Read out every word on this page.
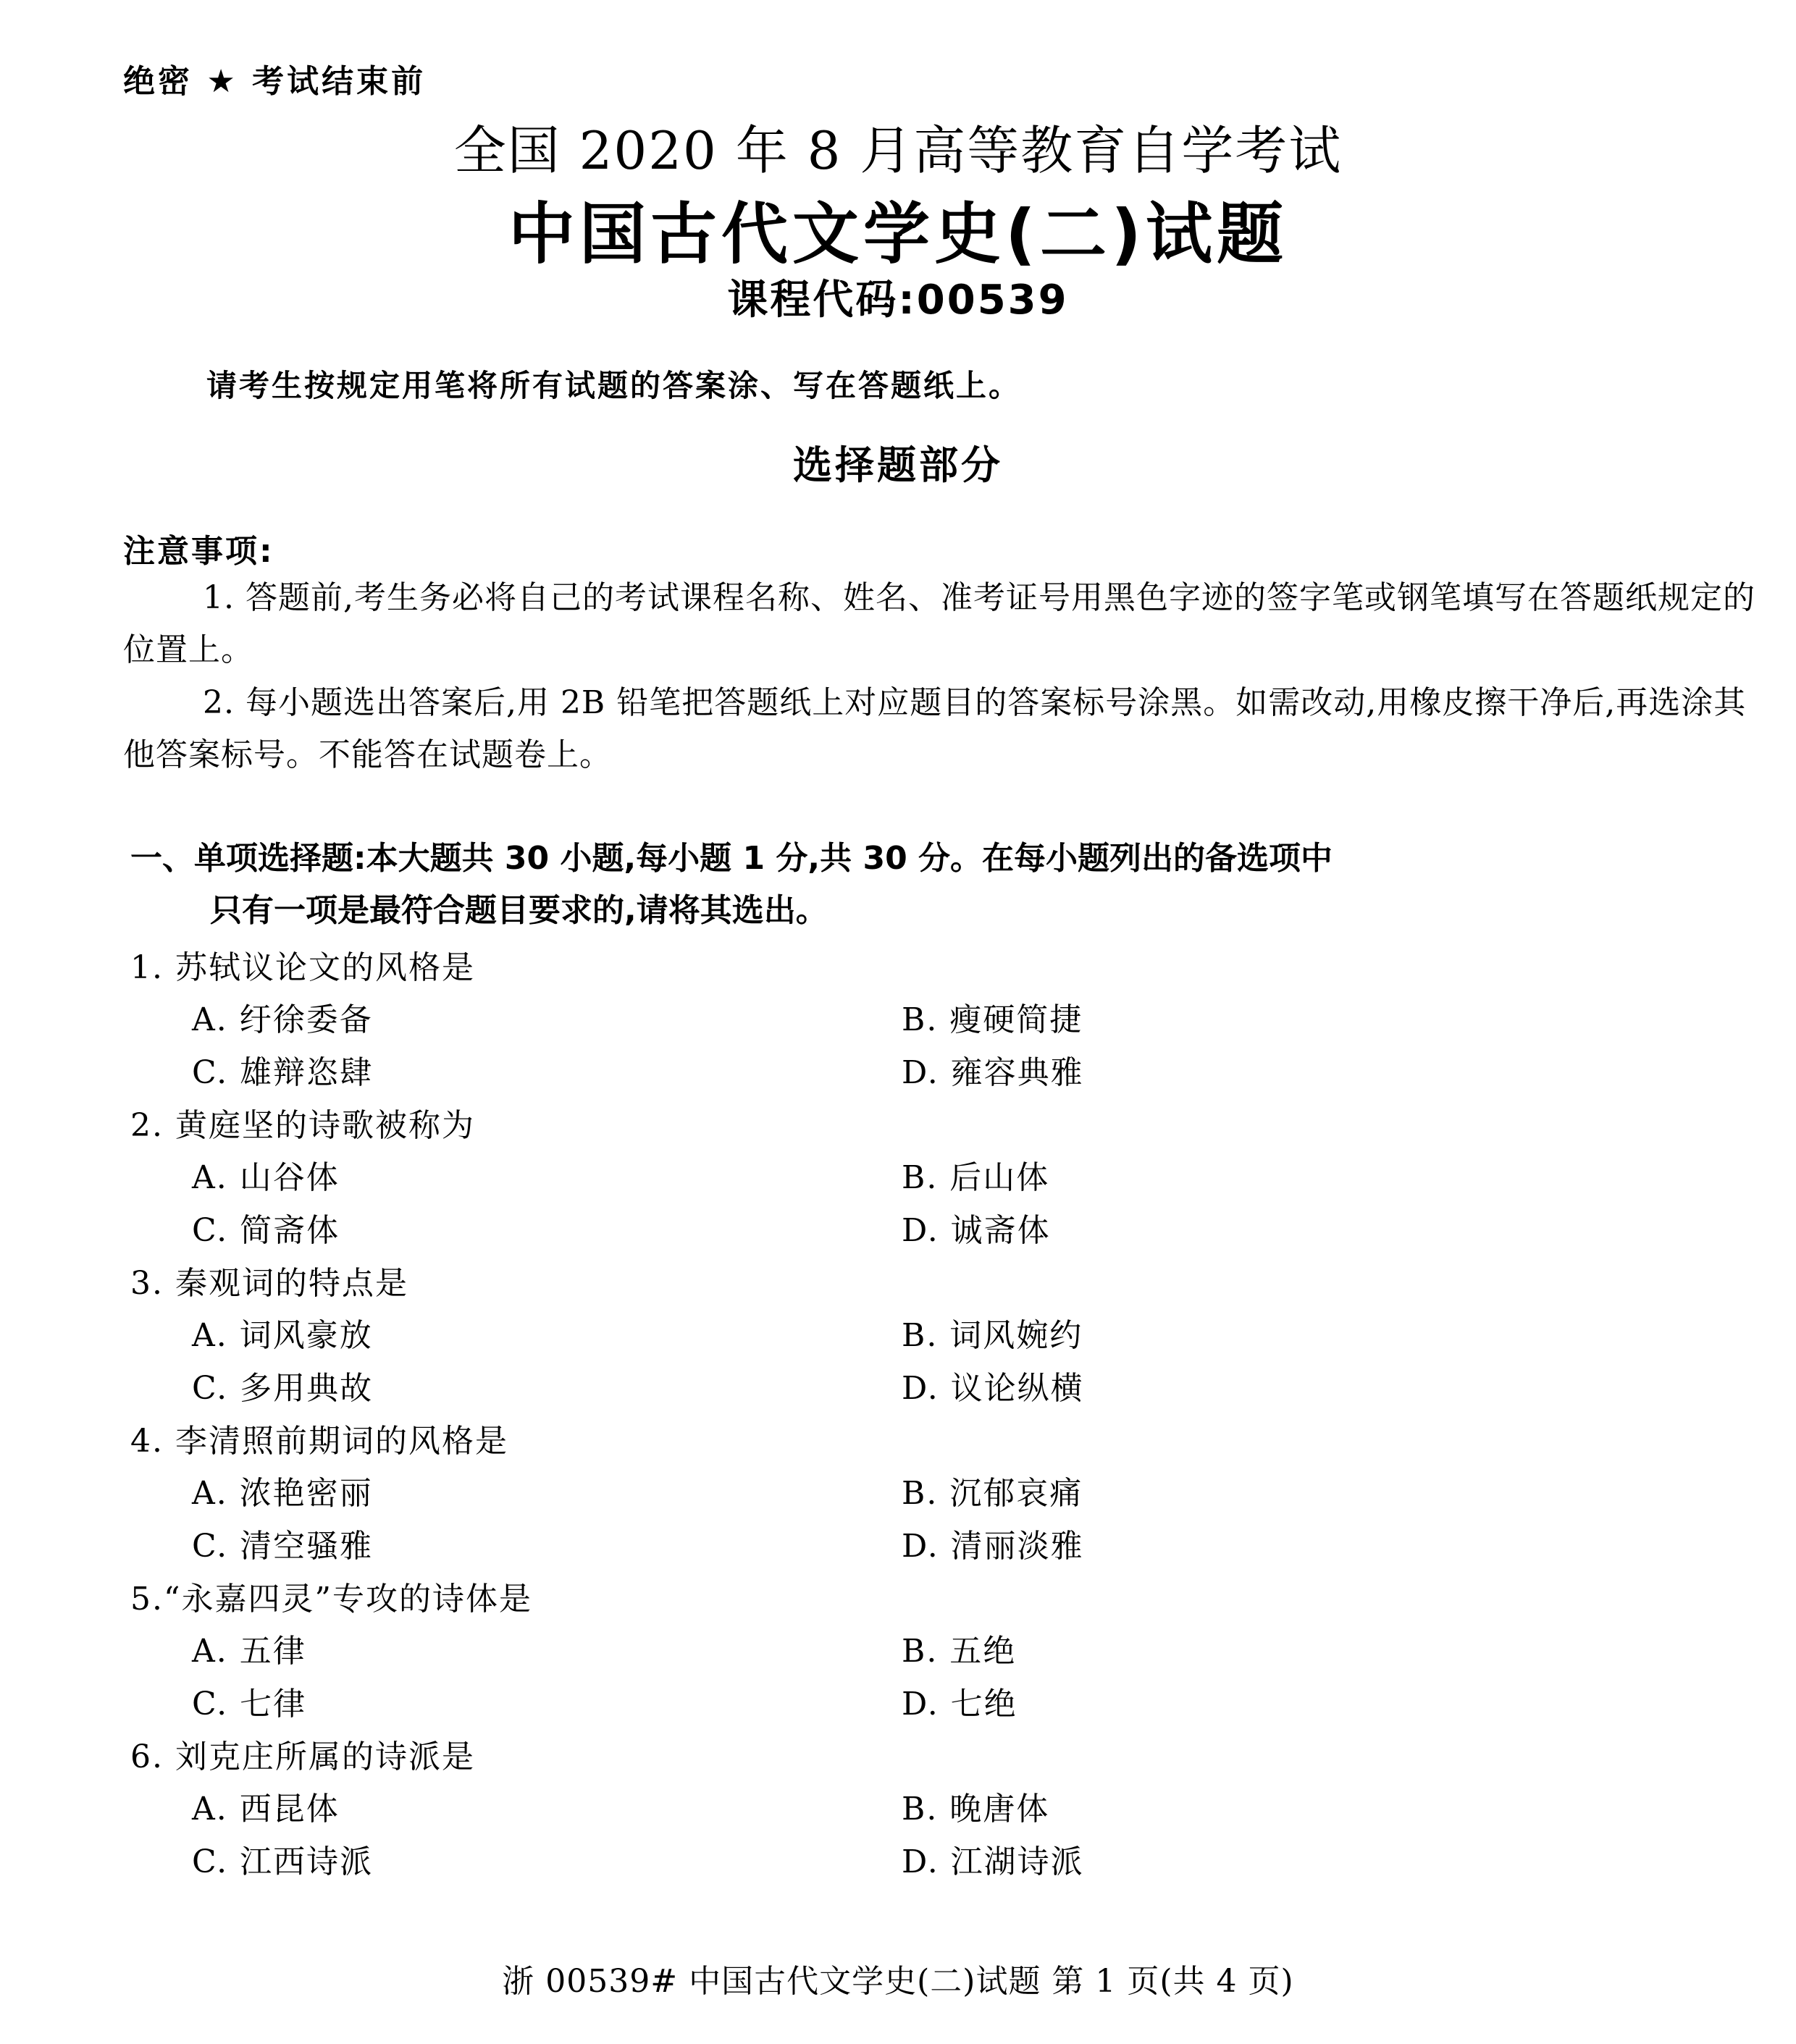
绝密 ★ 考试结束前
全国 2020 年 8 月高等教育自学考试
中国古代文学史(二)试题
课程代码:00539
请考生按规定用笔将所有试题的答案涂、写在答题纸上。
选择题部分
注意事项:
1. 答题前,考生务必将自己的考试课程名称、姓名、准考证号用黑色字迹的签字笔或钢笔填写在答题纸规定的位置上。
2. 每小题选出答案后,用 2B 铅笔把答题纸上对应题目的答案标号涂黑。如需改动,用橡皮擦干净后,再选涂其他答案标号。不能答在试题卷上。
一、单项选择题:本大题共 30 小题,每小题 1 分,共 30 分。在每小题列出的备选项中
只有一项是最符合题目要求的,请将其选出。
1. 苏轼议论文的风格是
A. 纡徐委备	B. 瘦硬简捷
C. 雄辩恣肆	D. 雍容典雅
2. 黄庭坚的诗歌被称为
A. 山谷体	B. 后山体
C. 简斋体	D. 诚斋体
3. 秦观词的特点是
A. 词风豪放	B. 词风婉约
C. 多用典故	D. 议论纵横
4. 李清照前期词的风格是
A. 浓艳密丽	B. 沉郁哀痛
C. 清空骚雅	D. 清丽淡雅
5.“永嘉四灵”专攻的诗体是
A. 五律	B. 五绝
C. 七律	D. 七绝
6. 刘克庄所属的诗派是
A. 西昆体	B. 晚唐体
C. 江西诗派	D. 江湖诗派
浙 00539# 中国古代文学史(二)试题 第 1 页(共 4 页)
